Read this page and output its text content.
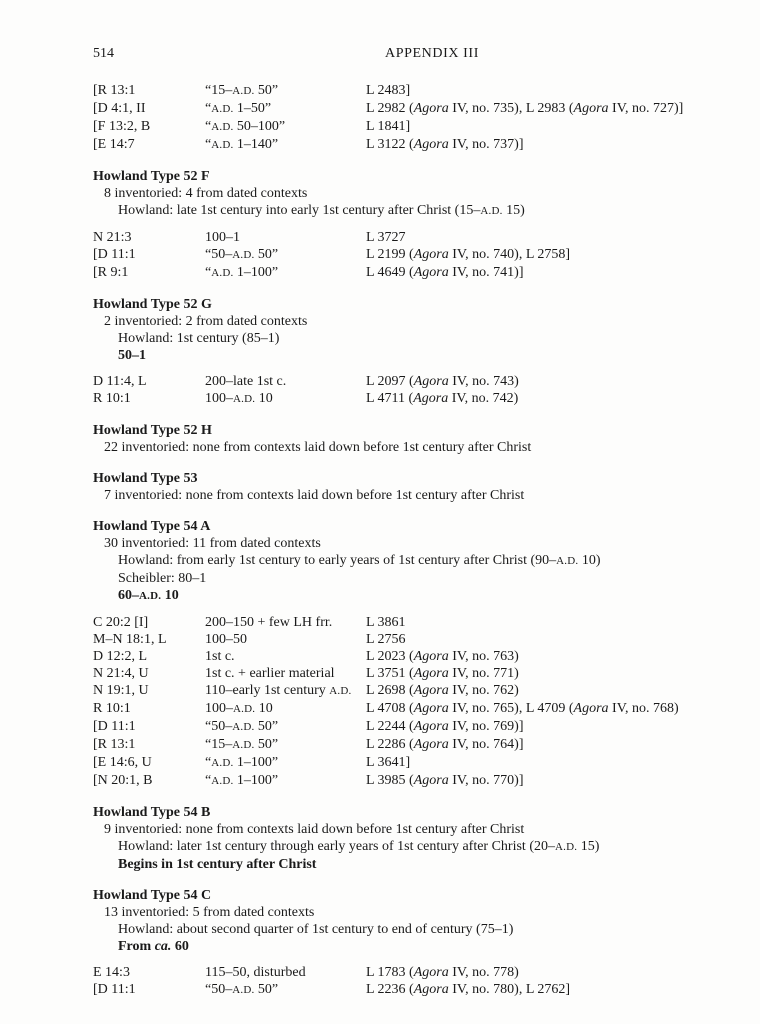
514	APPENDIX III
[R 13:1	“15–A.D. 50”	L 2483]
[D 4:1, II	“A.D. 1–50”	L 2982 (Agora IV, no. 735), L 2983 (Agora IV, no. 727)]
[F 13:2, B	“A.D. 50–100”	L 1841]
[E 14:7	“A.D. 1–140”	L 3122 (Agora IV, no. 737)]
Howland Type 52 F
8 inventoried: 4 from dated contexts
Howland: late 1st century into early 1st century after Christ (15–A.D. 15)
N 21:3	100–1	L 3727
[D 11:1	“50–A.D. 50”	L 2199 (Agora IV, no. 740), L 2758]
[R 9:1	“A.D. 1–100”	L 4649 (Agora IV, no. 741)]
Howland Type 52 G
2 inventoried: 2 from dated contexts
Howland: 1st century (85–1)
50–1
D 11:4, L	200–late 1st c.	L 2097 (Agora IV, no. 743)
R 10:1	100–A.D. 10	L 4711 (Agora IV, no. 742)
Howland Type 52 H
22 inventoried: none from contexts laid down before 1st century after Christ
Howland Type 53
7 inventoried: none from contexts laid down before 1st century after Christ
Howland Type 54 A
30 inventoried: 11 from dated contexts
Howland: from early 1st century to early years of 1st century after Christ (90–A.D. 10)
Scheibler: 80–1
60–A.D. 10
C 20:2 [I]	200–150 + few LH frr.	L 3861
M–N 18:1, L	100–50	L 2756
D 12:2, L	1st c.	L 2023 (Agora IV, no. 763)
N 21:4, U	1st c. + earlier material	L 3751 (Agora IV, no. 771)
N 19:1, U	110–early 1st century A.D.	L 2698 (Agora IV, no. 762)
R 10:1	100–A.D. 10	L 4708 (Agora IV, no. 765), L 4709 (Agora IV, no. 768)
[D 11:1	“50–A.D. 50”	L 2244 (Agora IV, no. 769)]
[R 13:1	“15–A.D. 50”	L 2286 (Agora IV, no. 764)]
[E 14:6, U	“A.D. 1–100”	L 3641]
[N 20:1, B	“A.D. 1–100”	L 3985 (Agora IV, no. 770)]
Howland Type 54 B
9 inventoried: none from contexts laid down before 1st century after Christ
Howland: later 1st century through early years of 1st century after Christ (20–A.D. 15)
Begins in 1st century after Christ
Howland Type 54 C
13 inventoried: 5 from dated contexts
Howland: about second quarter of 1st century to end of century (75–1)
From ca. 60
E 14:3	115–50, disturbed	L 1783 (Agora IV, no. 778)
[D 11:1	“50–A.D. 50”	L 2236 (Agora IV, no. 780), L 2762]
